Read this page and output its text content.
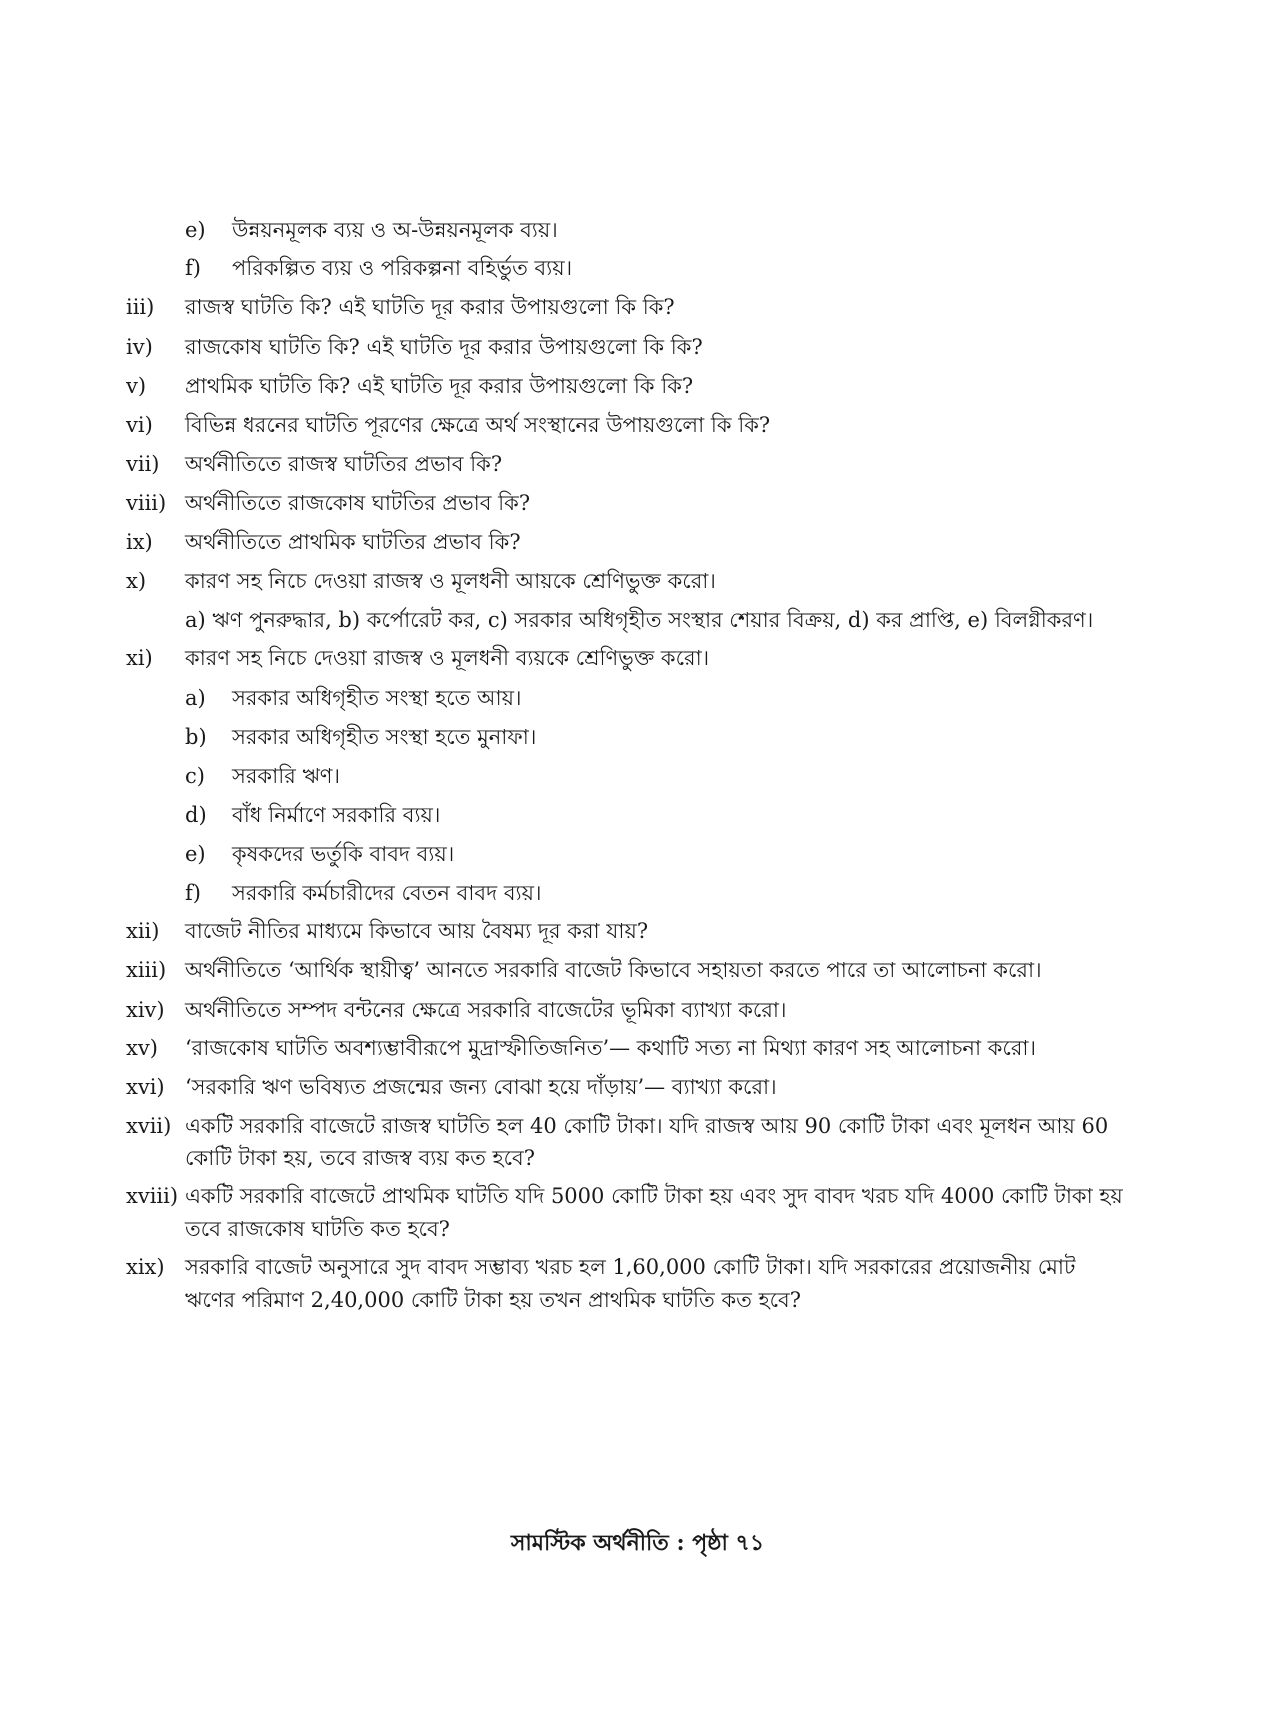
e) উন্নয়নমূলক ব্যয় ও অ-উন্নয়নমূলক ব্যয়।
f) পরিকল্পিত ব্যয় ও পরিকল্পনা বহির্ভুত ব্যয়।
iii) রাজস্ব ঘাটতি কি? এই ঘাটতি দূর করার উপায়গুলো কি কি?
iv) রাজকোষ ঘাটতি কি? এই ঘাটতি দূর করার উপায়গুলো কি কি?
v) প্রাথমিক ঘাটতি কি? এই ঘাটতি দূর করার উপায়গুলো কি কি?
vi) বিভিন্ন ধরনের ঘাটতি পূরণের ক্ষেত্রে অর্থ সংস্থানের উপায়গুলো কি কি?
vii) অর্থনীতিতে রাজস্ব ঘাটতির প্রভাব কি?
viii) অর্থনীতিতে রাজকোষ ঘাটতির প্রভাব কি?
ix) অর্থনীতিতে প্রাথমিক ঘাটতির প্রভাব কি?
x) কারণ সহ নিচে দেওয়া রাজস্ব ও মূলধনী আয়কে শ্রেণিভুক্ত করো।
a) ঋণ পুনরুদ্ধার, b) কর্পোরেট কর, c) সরকার অধিগৃহীত সংস্থার শেয়ার বিক্রয়, d) কর প্রাপ্তি, e) বিলগ্নীকরণ।
xi) কারণ সহ নিচে দেওয়া রাজস্ব ও মূলধনী ব্যয়কে শ্রেণিভুক্ত করো।
a) সরকার অধিগৃহীত সংস্থা হতে আয়।
b) সরকার অধিগৃহীত সংস্থা হতে মুনাফা।
c) সরকারি ঋণ।
d) বাঁধ নির্মাণে সরকারি ব্যয়।
e) কৃষকদের ভর্তুকি বাবদ ব্যয়।
f) সরকারি কর্মচারীদের বেতন বাবদ ব্যয়।
xii) বাজেট নীতির মাধ্যমে কিভাবে আয় বৈষম্য দূর করা যায়?
xiii) অর্থনীতিতে ‘আর্থিক স্থায়ীত্ব’ আনতে সরকারি বাজেট কিভাবে সহায়তা করতে পারে তা আলোচনা করো।
xiv) অর্থনীতিতে সম্পদ বন্টনের ক্ষেত্রে সরকারি বাজেটের ভূমিকা ব্যাখ্যা করো।
xv) ‘রাজকোষ ঘাটতি অবশ্যম্ভাবীরূপে মুদ্রাস্ফীতিজনিত’— কথাটি সত্য না মিথ্যা কারণ সহ আলোচনা করো।
xvi) ‘সরকারি ঋণ ভবিষ্যত প্রজন্মের জন্য বোঝা হয়ে দাঁড়ায়’— ব্যাখ্যা করো।
xvii) একটি সরকারি বাজেটে রাজস্ব ঘাটতি হল 40 কোটি টাকা। যদি রাজস্ব আয় 90 কোটি টাকা এবং মূলধন আয় 60
কোটি টাকা হয়, তবে রাজস্ব ব্যয় কত হবে?
xviii) একটি সরকারি বাজেটে প্রাথমিক ঘাটতি যদি 5000 কোটি টাকা হয় এবং সুদ বাবদ খরচ যদি 4000 কোটি টাকা হয়
তবে রাজকোষ ঘাটতি কত হবে?
xix) সরকারি বাজেট অনুসারে সুদ বাবদ সম্ভাব্য খরচ হল 1,60,000 কোটি টাকা। যদি সরকারের প্রয়োজনীয় মোট
ঋণের পরিমাণ 2,40,000 কোটি টাকা হয় তখন প্রাথমিক ঘাটতি কত হবে?
সামস্টিক অর্থনীতি : পৃষ্ঠা ৭১
